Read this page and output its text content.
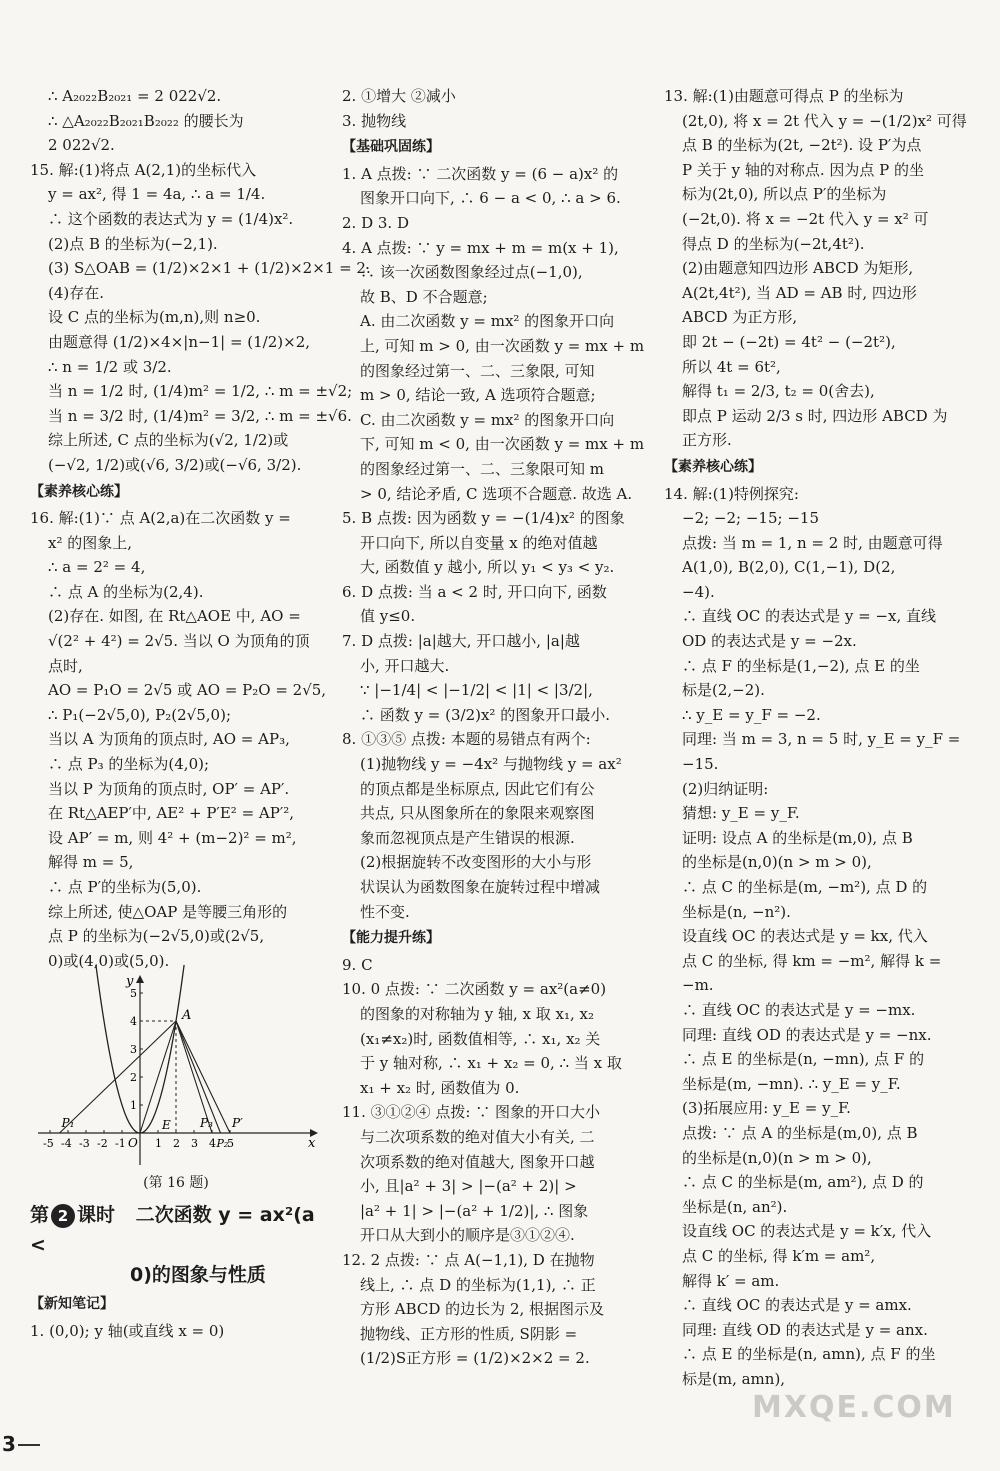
∴ A₂₀₂₂B₂₀₂₁ = 2 022√2.
∴ △A₂₀₂₂B₂₀₂₁B₂₀₂₂ 的腰长为
2 022√2.
15. 解:(1)将点 A(2,1)的坐标代入
y = ax², 得 1 = 4a, ∴ a = 1/4.
∴ 这个函数的表达式为 y = (1/4)x².
(2)点 B 的坐标为(−2,1).
(3) S△OAB = (1/2)×2×1 + (1/2)×2×1 = 2.
(4)存在.
设 C 点的坐标为(m,n),则 n≥0.
由题意得 (1/2)×4×|n−1| = (1/2)×2,
∴ n = 1/2 或 3/2.
当 n = 1/2 时, (1/4)m² = 1/2, ∴ m = ±√2;
当 n = 3/2 时, (1/4)m² = 3/2, ∴ m = ±√6.
综上所述, C 点的坐标为(√2, 1/2)或
(−√2, 1/2)或(√6, 3/2)或(−√6, 3/2).
【素养核心练】
16. 解:(1)∵ 点 A(2,a)在二次函数 y =
x² 的图象上,
∴ a = 2² = 4,
∴ 点 A 的坐标为(2,4).
(2)存在. 如图, 在 Rt△AOE 中, AO =
√(2² + 4²) = 2√5. 当以 O 为顶角的顶
点时,
AO = P₁O = 2√5 或 AO = P₂O = 2√5,
∴ P₁(−2√5,0), P₂(2√5,0);
当以 A 为顶角的顶点时, AO = AP₃,
∴ 点 P₃ 的坐标为(4,0);
当以 P 为顶角的顶点时, OP′ = AP′.
在 Rt△AEP′中, AE² + P′E² = AP′²,
设 AP′ = m, 则 4² + (m−2)² = m²,
解得 m = 5,
∴ 点 P′的坐标为(5,0).
综上所述, 使△OAP 是等腰三角形的
点 P 的坐标为(−2√5,0)或(2√5,
0)或(4,0)或(5,0).
x
y
O
-5 -4 -3 -2 -1	1 2 3 4 5
1
2
3
4
5
A
E
P₁
P₂
P₃ P′
(第 16 题)
第 2 课时 二次函数 y = ax²(a <
0)的图象与性质
【新知笔记】
1. (0,0); y 轴(或直线 x = 0)
2. ①增大 ②减小
3. 抛物线
【基础巩固练】
1. A 点拨: ∵ 二次函数 y = (6 − a)x² 的
图象开口向下, ∴ 6 − a < 0, ∴ a > 6.
2. D 3. D
4. A 点拨: ∵ y = mx + m = m(x + 1),
∴ 该一次函数图象经过点(−1,0),
故 B、D 不合题意;
A. 由二次函数 y = mx² 的图象开口向
上, 可知 m > 0, 由一次函数 y = mx + m
的图象经过第一、二、三象限, 可知
m > 0, 结论一致, A 选项符合题意;
C. 由二次函数 y = mx² 的图象开口向
下, 可知 m < 0, 由一次函数 y = mx + m
的图象经过第一、二、三象限可知 m
> 0, 结论矛盾, C 选项不合题意. 故选 A.
5. B 点拨: 因为函数 y = −(1/4)x² 的图象
开口向下, 所以自变量 x 的绝对值越
大, 函数值 y 越小, 所以 y₁ < y₃ < y₂.
6. D 点拨: 当 a < 2 时, 开口向下, 函数
值 y≤0.
7. D 点拨: |a|越大, 开口越小, |a|越
小, 开口越大.
∵ |−1/4| < |−1/2| < |1| < |3/2|,
∴ 函数 y = (3/2)x² 的图象开口最小.
8. ①③⑤ 点拨: 本题的易错点有两个:
(1)抛物线 y = −4x² 与抛物线 y = ax²
的顶点都是坐标原点, 因此它们有公
共点, 只从图象所在的象限来观察图
象而忽视顶点是产生错误的根源.
(2)根据旋转不改变图形的大小与形
状误认为函数图象在旋转过程中增减
性不变.
【能力提升练】
9. C
10. 0 点拨: ∵ 二次函数 y = ax²(a≠0)
的图象的对称轴为 y 轴, x 取 x₁, x₂
(x₁≠x₂)时, 函数值相等, ∴ x₁, x₂ 关
于 y 轴对称, ∴ x₁ + x₂ = 0, ∴ 当 x 取
x₁ + x₂ 时, 函数值为 0.
11. ③①②④ 点拨: ∵ 图象的开口大小
与二次项系数的绝对值大小有关, 二
次项系数的绝对值越大, 图象开口越
小, 且|a² + 3| > |−(a² + 2)| >
|a² + 1| > |−(a² + 1/2)|, ∴ 图象
开口从大到小的顺序是③①②④.
12. 2 点拨: ∵ 点 A(−1,1), D 在抛物
线上, ∴ 点 D 的坐标为(1,1), ∴ 正
方形 ABCD 的边长为 2, 根据图示及
抛物线、正方形的性质, S阴影 =
(1/2)S正方形 = (1/2)×2×2 = 2.
13. 解:(1)由题意可得点 P 的坐标为
(2t,0), 将 x = 2t 代入 y = −(1/2)x² 可得
点 B 的坐标为(2t, −2t²). 设 P′为点
P 关于 y 轴的对称点. 因为点 P 的坐
标为(2t,0), 所以点 P′的坐标为
(−2t,0). 将 x = −2t 代入 y = x² 可
得点 D 的坐标为(−2t,4t²).
(2)由题意知四边形 ABCD 为矩形,
A(2t,4t²), 当 AD = AB 时, 四边形
ABCD 为正方形,
即 2t − (−2t) = 4t² − (−2t²),
所以 4t = 6t²,
解得 t₁ = 2/3, t₂ = 0(舍去),
即点 P 运动 2/3 s 时, 四边形 ABCD 为
正方形.
【素养核心练】
14. 解:(1)特例探究:
−2; −2; −15; −15
点拨: 当 m = 1, n = 2 时, 由题意可得
A(1,0), B(2,0), C(1,−1), D(2,
−4).
∴ 直线 OC 的表达式是 y = −x, 直线
OD 的表达式是 y = −2x.
∴ 点 F 的坐标是(1,−2), 点 E 的坐
标是(2,−2).
∴ y_E = y_F = −2.
同理: 当 m = 3, n = 5 时, y_E = y_F =
−15.
(2)归纳证明:
猜想: y_E = y_F.
证明: 设点 A 的坐标是(m,0), 点 B
的坐标是(n,0)(n > m > 0),
∴ 点 C 的坐标是(m, −m²), 点 D 的
坐标是(n, −n²).
设直线 OC 的表达式是 y = kx, 代入
点 C 的坐标, 得 km = −m², 解得 k =
−m.
∴ 直线 OC 的表达式是 y = −mx.
同理: 直线 OD 的表达式是 y = −nx.
∴ 点 E 的坐标是(n, −mn), 点 F 的
坐标是(m, −mn). ∴ y_E = y_F.
(3)拓展应用: y_E = y_F.
点拨: ∵ 点 A 的坐标是(m,0), 点 B
的坐标是(n,0)(n > m > 0),
∴ 点 C 的坐标是(m, am²), 点 D 的
坐标是(n, an²).
设直线 OC 的表达式是 y = k′x, 代入
点 C 的坐标, 得 k′m = am²,
解得 k′ = am.
∴ 直线 OC 的表达式是 y = amx.
同理: 直线 OD 的表达式是 y = anx.
∴ 点 E 的坐标是(n, amn), 点 F 的坐
标是(m, amn),
3
MXQE.COM
